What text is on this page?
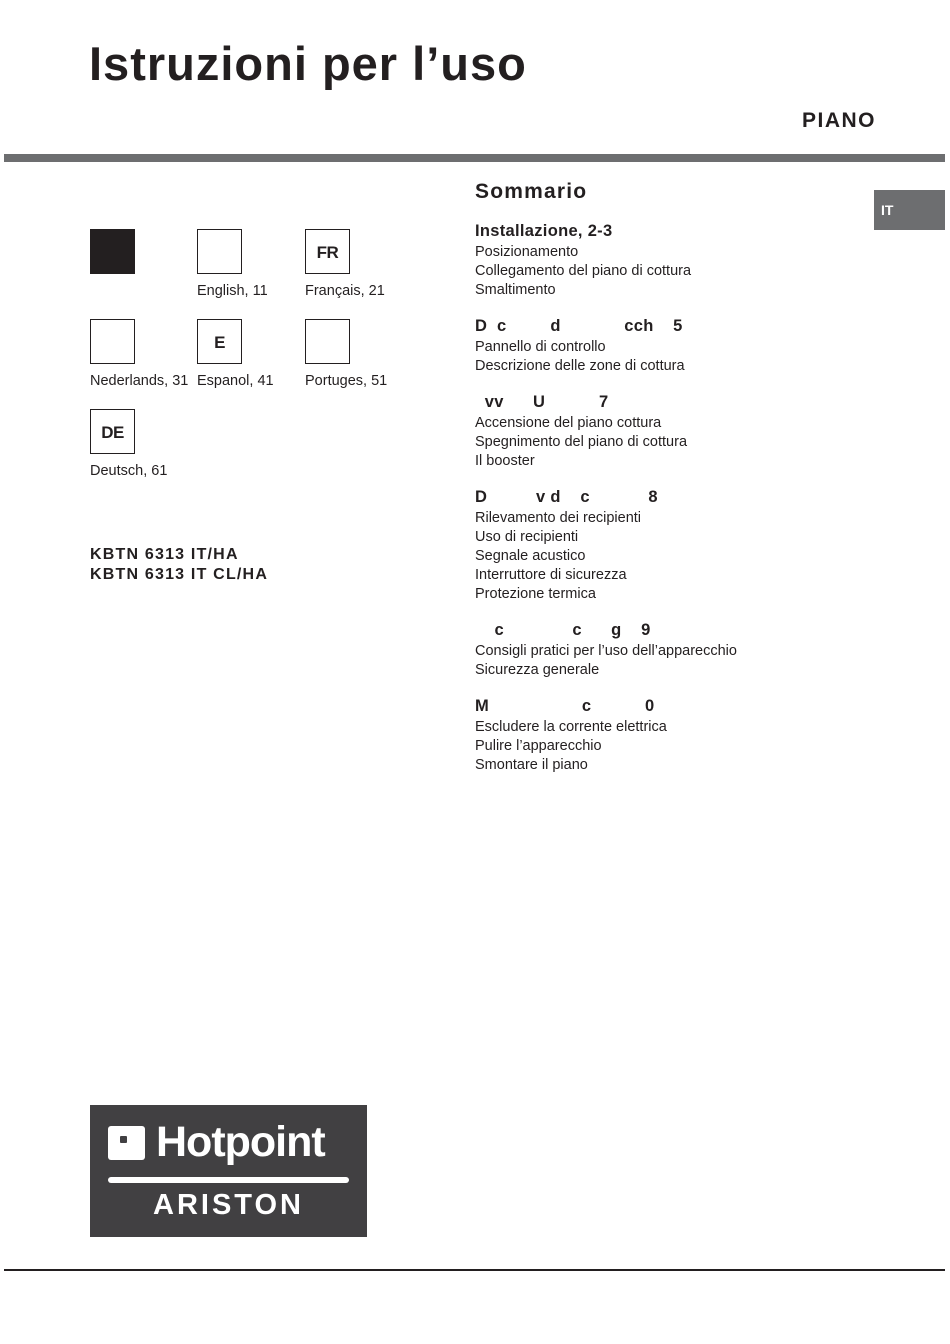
Istruzioni per l’uso
PIANO
IT
English, 11
FR
Français, 21
Nederlands, 31
E
Espanol, 41 Portuges, 51
DE
Deutsch, 61
KBTN 6313 IT/HA
KBTN 6313 IT CL/HA
Sommario
Installazione, 2-3
Posizionamento
Collegamento del piano di cottura
Smaltimento
D  c         d             cch    5
Pannello di controllo
Descrizione delle zone di cottura
vv      U           7
Accensione del piano cottura
Spegnimento del piano di cottura
Il booster
D          v d    c            8
Rilevamento dei recipienti
Uso di recipienti
Segnale acustico
Interruttore di sicurezza
Protezione termica
c              c      g    9
Consigli pratici per l’uso dell’apparecchio
Sicurezza generale
M                   c           0
Escludere la corrente elettrica
Pulire l’apparecchio
Smontare il piano
Hotpoint
ARISTON
